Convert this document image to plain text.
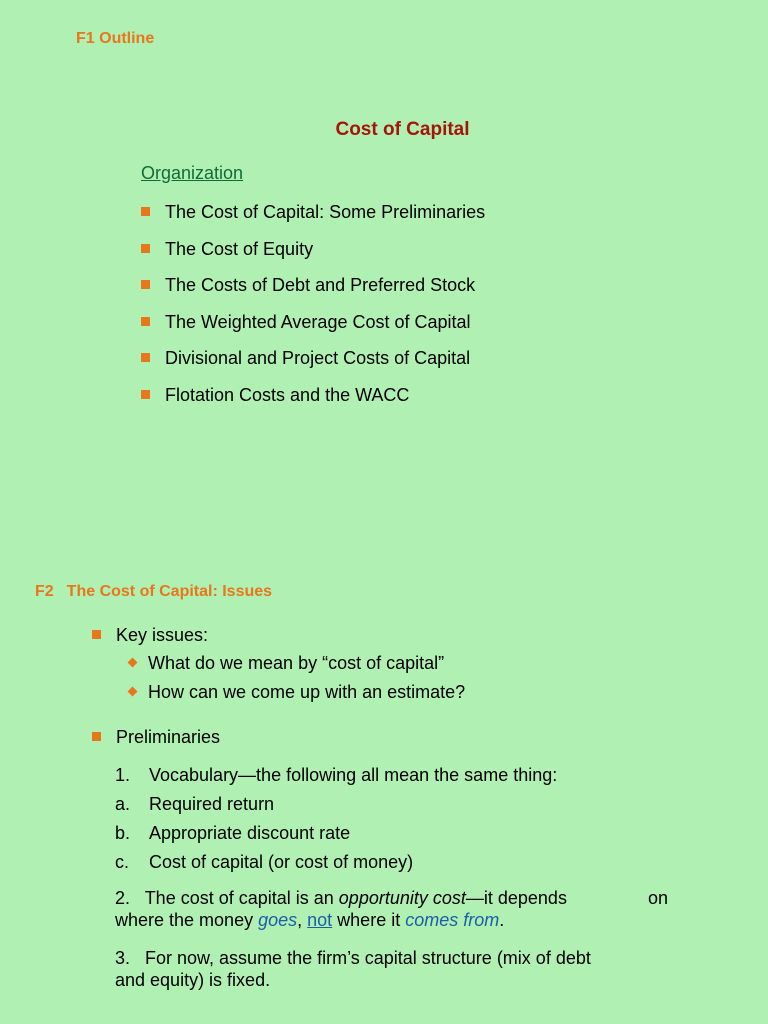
F1 Outline
Cost of Capital
Organization
The Cost of Capital: Some Preliminaries
The Cost of Equity
The Costs of Debt and Preferred Stock
The Weighted Average Cost of Capital
Divisional and Project Costs of Capital
Flotation Costs and the WACC
F2 The Cost of Capital: Issues
Key issues:
What do we mean by “cost of capital”
How can we come up with an estimate?
Preliminaries
1.	Vocabulary—the following all mean the same thing:
a.	Required return
b.	Appropriate discount rate
c.	Cost of capital (or cost of money)
2.   The cost of capital is an opportunity cost—it depends	on
where the money goes, not where it comes from.
3.   For now, assume the firm’s capital structure (mix of debt and equity) is fixed.
